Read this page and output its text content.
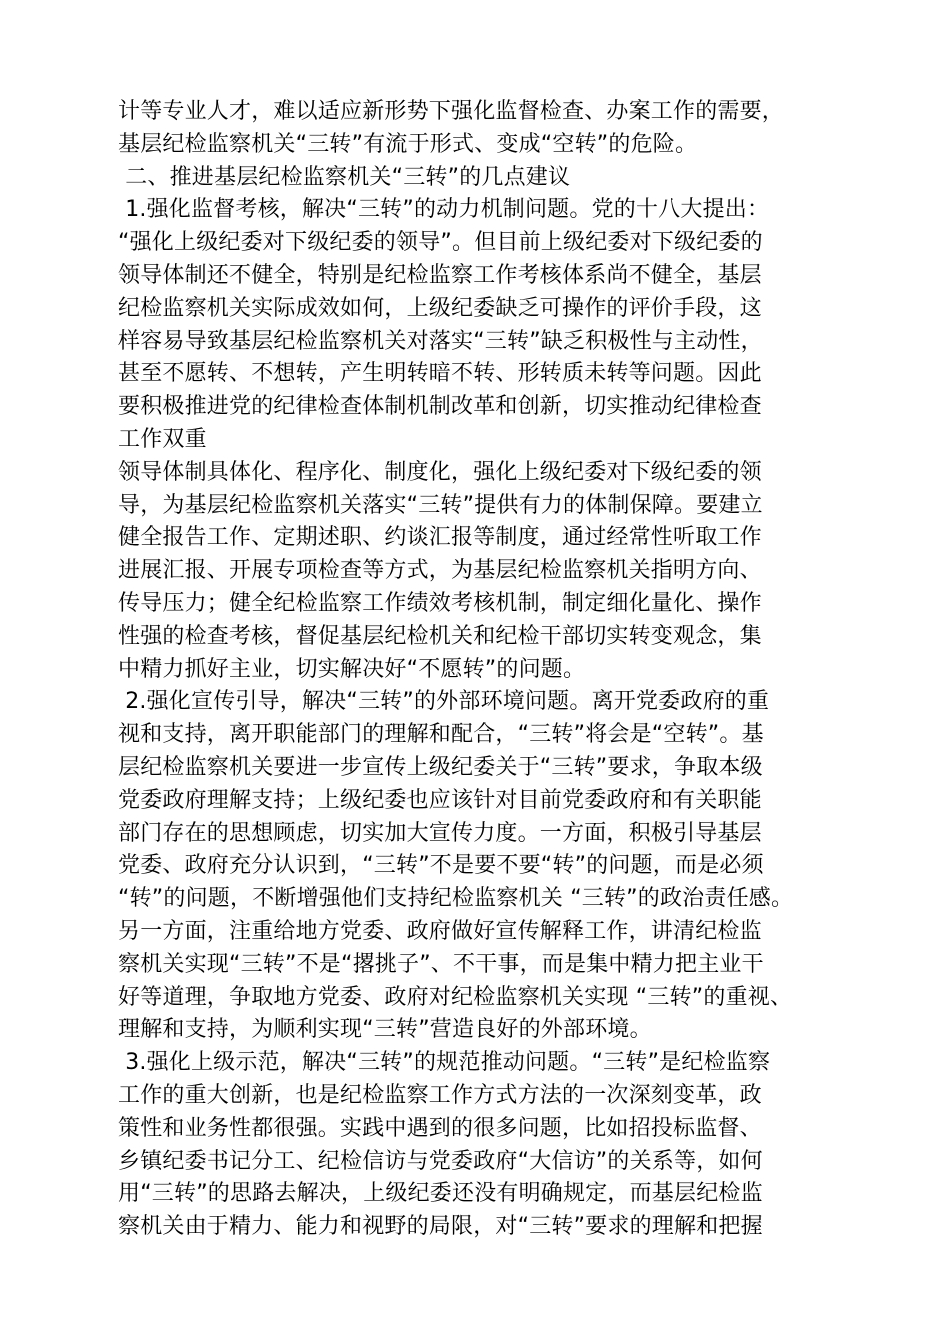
计等专业人才，难以适应新形势下强化监督检查、办案工作的需要，
基层纪检监察机关“三转”有流于形式、变成“空转”的危险。
二、推进基层纪检监察机关“三转”的几点建议
1.强化监督考核，解决“三转”的动力机制问题。党的十八大提出：
“强化上级纪委对下级纪委的领导”。但目前上级纪委对下级纪委的
领导体制还不健全，特别是纪检监察工作考核体系尚不健全，基层
纪检监察机关实际成效如何，上级纪委缺乏可操作的评价手段，这
样容易导致基层纪检监察机关对落实“三转”缺乏积极性与主动性，
甚至不愿转、不想转，产生明转暗不转、形转质未转等问题。因此
要积极推进党的纪律检查体制机制改革和创新，切实推动纪律检查
工作双重
领导体制具体化、程序化、制度化，强化上级纪委对下级纪委的领
导，为基层纪检监察机关落实“三转”提供有力的体制保障。要建立
健全报告工作、定期述职、约谈汇报等制度，通过经常性听取工作
进展汇报、开展专项检查等方式，为基层纪检监察机关指明方向、
传导压力；健全纪检监察工作绩效考核机制，制定细化量化、操作
性强的检查考核，督促基层纪检机关和纪检干部切实转变观念，集
中精力抓好主业，切实解决好“不愿转”的问题。
2.强化宣传引导，解决“三转”的外部环境问题。离开党委政府的重
视和支持，离开职能部门的理解和配合，“三转”将会是“空转”。基
层纪检监察机关要进一步宣传上级纪委关于“三转”要求，争取本级
党委政府理解支持；上级纪委也应该针对目前党委政府和有关职能
部门存在的思想顾虑，切实加大宣传力度。一方面，积极引导基层
党委、政府充分认识到，“三转”不是要不要“转”的问题，而是必须
“转”的问题，不断增强他们支持纪检监察机关 “三转”的政治责任感。
另一方面，注重给地方党委、政府做好宣传解释工作，讲清纪检监
察机关实现“三转”不是“撂挑子”、不干事，而是集中精力把主业干
好等道理，争取地方党委、政府对纪检监察机关实现 “三转”的重视、
理解和支持，为顺利实现“三转”营造良好的外部环境。
3.强化上级示范，解决“三转”的规范推动问题。“三转”是纪检监察
工作的重大创新，也是纪检监察工作方式方法的一次深刻变革，政
策性和业务性都很强。实践中遇到的很多问题，比如招投标监督、
乡镇纪委书记分工、纪检信访与党委政府“大信访”的关系等，如何
用“三转”的思路去解决，上级纪委还没有明确规定，而基层纪检监
察机关由于精力、能力和视野的局限，对“三转”要求的理解和把握
